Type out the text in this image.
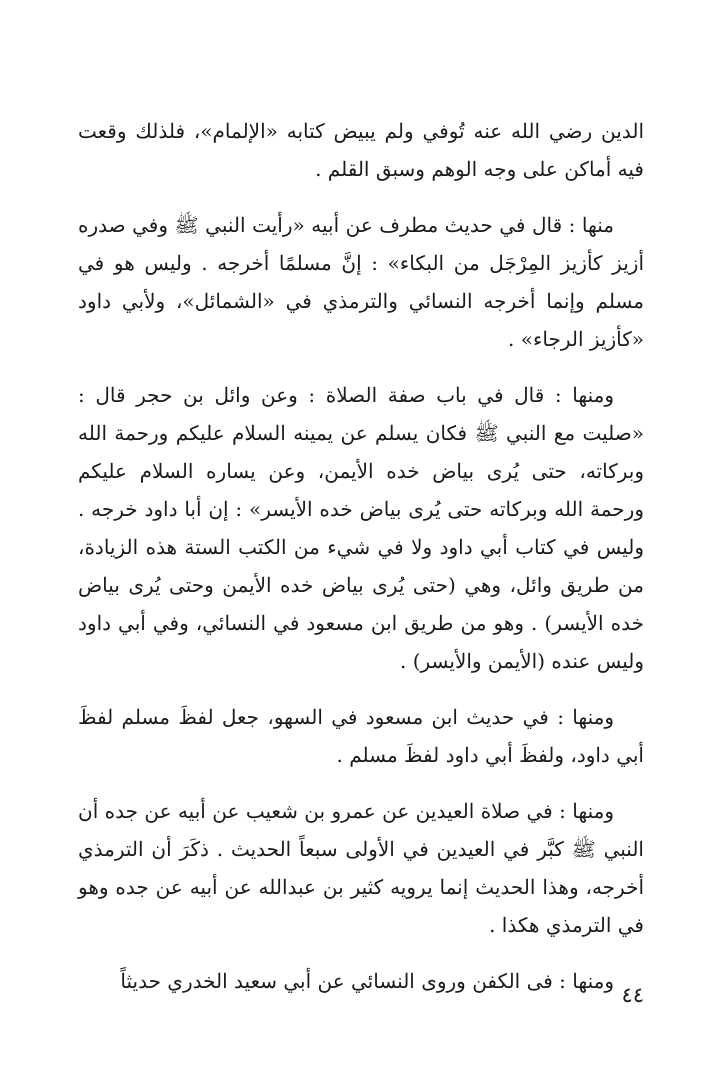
الدين رضي الله عنه تُوفي ولم يبيض كتابه «الإلمام»، فلذلك وقعت فيه أماكن على وجه الوهم وسبق القلم .

منها : قال في حديث مطرف عن أبيه «رأيت النبي ﷺ وفي صدره أزيز كأزيز المِرْجَل من البكاء» : إنَّ مسلمًا أخرجه . وليس هو في مسلم وإنما أخرجه النسائي والترمذي في «الشمائل»، ولأبي داود «كأزيز الرجاء» .

ومنها : قال في باب صفة الصلاة : وعن وائل بن حجر قال : «صليت مع النبي ﷺ فكان يسلم عن يمينه السلام عليكم ورحمة الله وبركاته، حتى يُرى بياض خده الأيمن، وعن يساره السلام عليكم ورحمة الله وبركاته حتى يُرى بياض خده الأيسر» : إن أبا داود خرجه . وليس في كتاب أبي داود ولا في شيء من الكتب الستة هذه الزيادة، من طريق وائل، وهي (حتى يُرى بياض خده الأيمن وحتى يُرى بياض خده الأيسر) . وهو من طريق ابن مسعود في النسائي، وفي أبي داود وليس عنده (الأيمن والأيسر) .

ومنها : في حديث ابن مسعود في السهو، جعل لفظَ مسلم لفظَ أبي داود، ولفظَ أبي داود لفظَ مسلم .

ومنها : في صلاة العيدين عن عمرو بن شعيب عن أبيه عن جده أن النبي ﷺ كبَّر في العيدين في الأولى سبعاً الحديث . ذكَرَ أن الترمذي أخرجه، وهذا الحديث إنما يرويه كثير بن عبدالله عن أبيه عن جده وهو في الترمذي هكذا .

ومنها : فى الكفن وروى النسائي عن أبي سعيد الخدري حديثاً

٤٤
